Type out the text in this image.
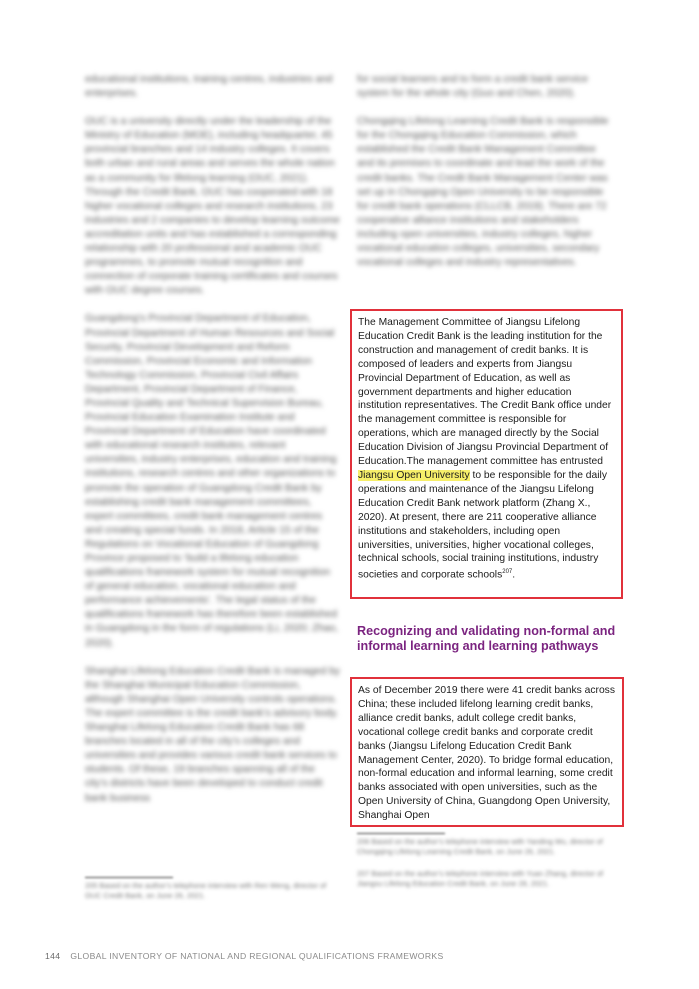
educational institutions, training centres, industries and enterprises.

OUC is a university directly under the leadership of the Ministry of Education (MOE), including headquarter, 45 provincial branches and 14 industry colleges. It covers both urban and rural areas and serves the whole nation as a community for lifelong learning (OUC, 2021). Through the Credit Bank, OUC has cooperated with 18 higher vocational colleges and research institutions, 23 industries and 2 companies to develop learning outcome accreditation units and has established a corresponding relationship with 20 professional and academic OUC programmes, to promote mutual recognition and connection of corporate training certificates and courses with OUC degree courses.

Guangdong’s Provincial Department of Education, Provincial Department of Human Resources and Social Security, Provincial Development and Reform Commission, Provincial Economic and Information Technology Commission, Provincial Civil Affairs Department, Provincial Department of Finance, Provincial Quality and Technical Supervision Bureau, Provincial Education Examination Institute and Provincial Department of Education have coordinated with educational research institutes, relevant universities, industry enterprises, education and training institutions, research centres and other organizations to promote the operation of Guangdong Credit Bank by establishing credit bank management committees, expert committees, credit bank management centres and creating special funds. In 2018, Article 15 of the Regulations on Vocational Education of Guangdong Province proposed to ‘build a lifelong education qualifications framework system for mutual recognition of general education, vocational education and performance achievements’. The legal status of the qualifications framework has therefore been established in Guangdong in the form of regulations (Li, 2020; Zhao, 2020).

Shanghai Lifelong Education Credit Bank is managed by the Shanghai Municipal Education Commission, although Shanghai Open University controls operations. The expert committee is the credit bank’s advisory body. Shanghai Lifelong Education Credit Bank has 68 branches located in all of the city’s colleges and universities and provides various credit bank services to students. Of these, 19 branches spanning all of the city’s districts have been developed to conduct credit bank business

205 Based on the author’s telephone interview with Ren Weng, director of OUC Credit Bank, on June 26, 2021.

for social learners and to form a credit bank service system for the whole city (Guo and Chen, 2020).

Chongqing Lifelong Learning Credit Bank is responsible for the Chongqing Education Commission, which established the Credit Bank Management Committee and its premises to coordinate and lead the work of the credit banks. The Credit Bank Management Center was set up in Chongqing Open University to be responsible for credit bank operations (CLLCB, 2019). There are 72 cooperative alliance institutions and stakeholders including open universities, industry colleges, higher vocational education colleges, universities, secondary vocational colleges and industry representatives.

The Management Committee of Jiangsu Lifelong Education Credit Bank is the leading institution for the construction and management of credit banks. It is composed of leaders and experts from Jiangsu Provincial Department of Education, as well as government departments and higher education institution representatives. The Credit Bank office under the management committee is responsible for operations, which are managed directly by the Social Education Division of Jiangsu Provincial Department of Education.The management committee has entrusted Jiangsu Open University to be responsible for the daily operations and maintenance of the Jiangsu Lifelong Education Credit Bank network platform (Zhang X., 2020). At present, there are 211 cooperative alliance institutions and stakeholders, including open universities, universities, higher vocational colleges, technical schools, social training institutions, industry societies and corporate schools$^{207}$.
Recognizing and validating non-formal and informal learning and learning pathways
As of December 2019 there were 41 credit banks across China; these included lifelong learning credit banks, alliance credit banks, adult college credit banks, vocational college credit banks and corporate credit banks (Jiangsu Lifelong Education Credit Bank Management Center, 2020). To bridge formal education, non-formal education and informal learning, some credit banks associated with open universities, such as the Open University of China, Guangdong Open University, Shanghai Open
206 Based on the author’s telephone interview with Yanding Wu, director of Chongqing Lifelong Learning Credit Bank, on June 26, 2021.
207 Based on the author’s telephone interview with Yuan Zhang, director of Jiangsu Lifelong Education Credit Bank, on June 28, 2021.
144 GLOBAL INVENTORY OF NATIONAL AND REGIONAL QUALIFICATIONS FRAMEWORKS
